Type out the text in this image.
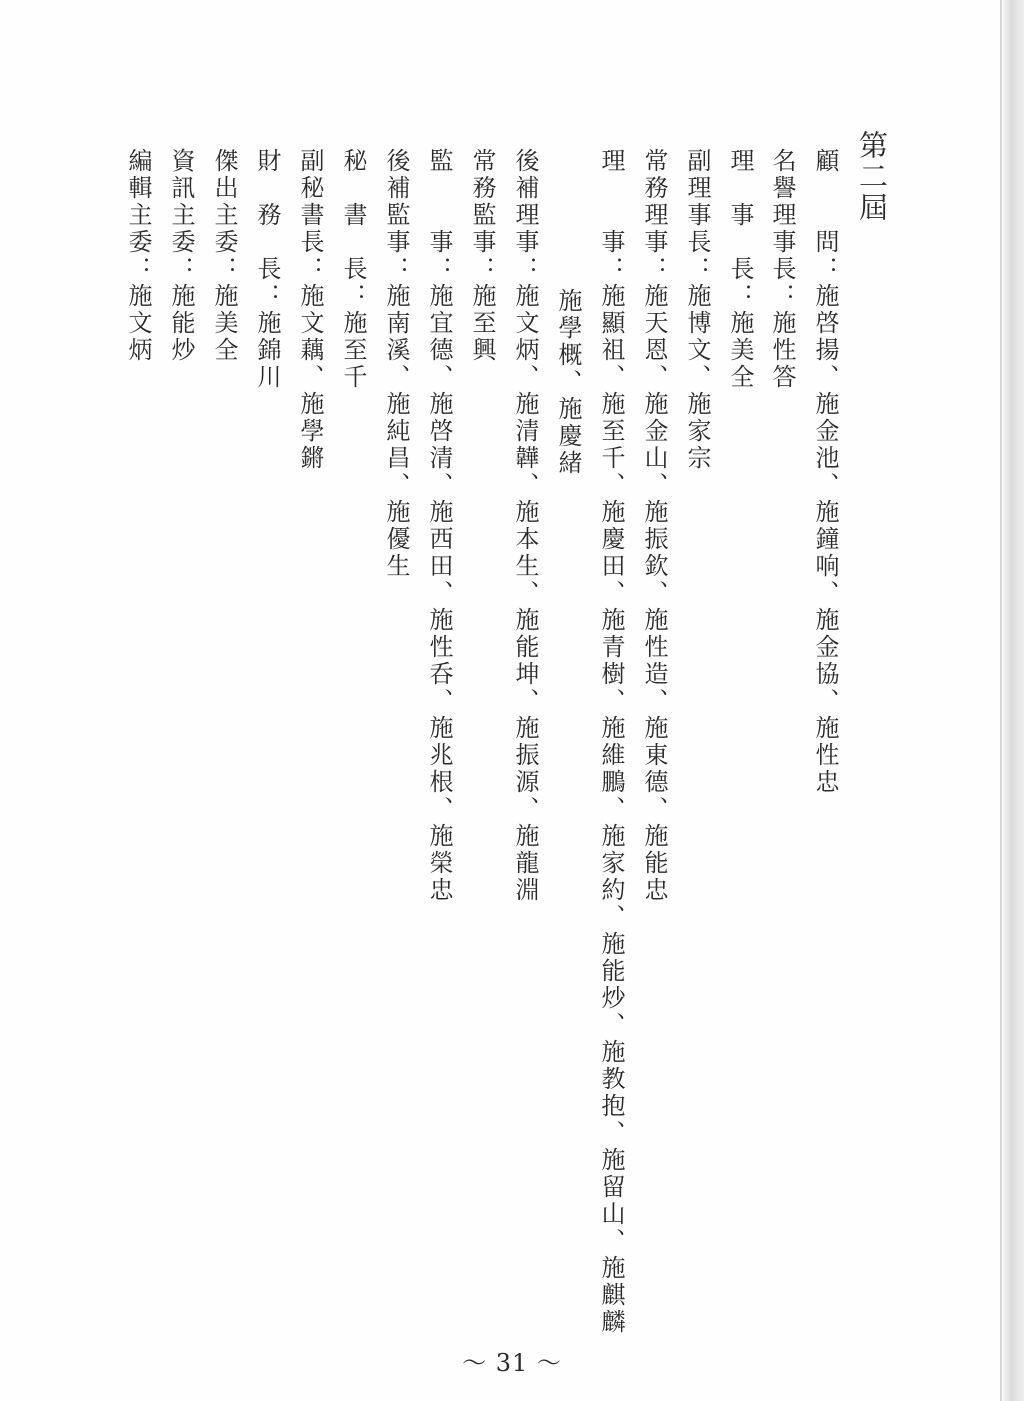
第二屆
顧　　問：施啓揚、施金池、施鐘响、施金協、施性忠
名譽理事長：施性答
理　事　長：施美全
副理事長：施博文、施家宗
常務理事：施天恩、施金山、施振欽、施性造、施東德、施能忠
理　　事：施顯祖、施至千、施慶田、施青樹、施維鵬、施家約、施能炒、施教抱、施留山、施麒麟
施學概、施慶緒
後補理事：施文炳、施清韡、施本生、施能坤、施振源、施龍淵
常務監事：施至興
監　　事：施宜德、施啓清、施西田、施性呑、施兆根、施榮忠
後補監事：施南溪、施純昌、施優生
秘　書　長：施至千
副秘書長：施文藕、施學鏘
財　務　長：施錦川
傑出主委：施美全
資訊主委：施能炒
編輯主委：施文炳
～ 31 ～
